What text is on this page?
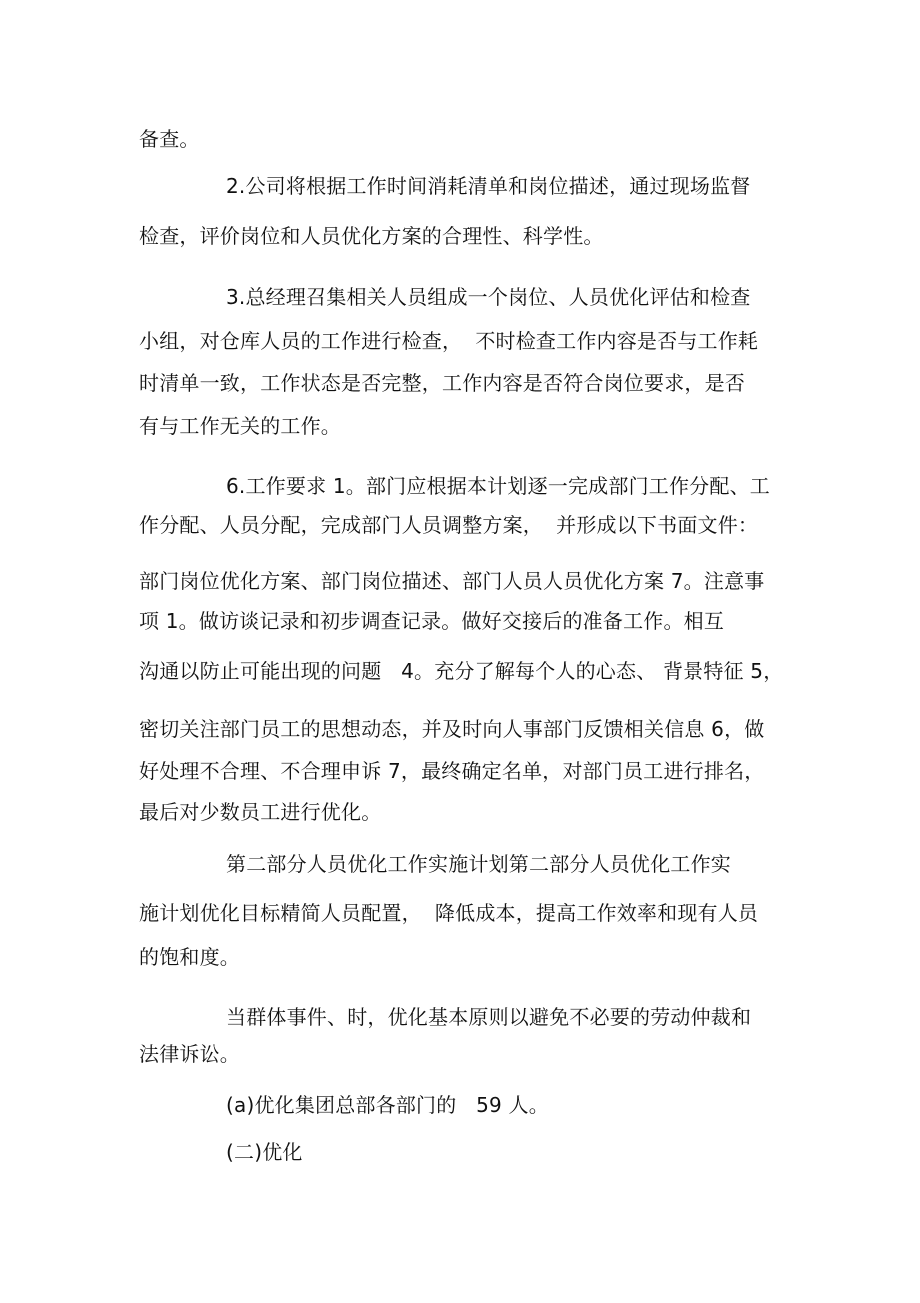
备查。
2.公司将根据工作时间消耗清单和岗位描述，通过现场监督
检查，评价岗位和人员优化方案的合理性、科学性。
3.总经理召集相关人员组成一个岗位、人员优化评估和检查
小组，对仓库人员的工作进行检查，  不时检查工作内容是否与工作耗
时清单一致，工作状态是否完整，工作内容是否符合岗位要求，是否
有与工作无关的工作。
6.工作要求 1。部门应根据本计划逐一完成部门工作分配、工
作分配、人员分配，完成部门人员调整方案，  并形成以下书面文件：
部门岗位优化方案、部门岗位描述、部门人员人员优化方案 7。注意事
项 1。做访谈记录和初步调查记录。做好交接后的准备工作。相互
沟通以防止可能出现的问题   4。充分了解每个人的心态、 背景特征 5，
密切关注部门员工的思想动态，并及时向人事部门反馈相关信息 6，做
好处理不合理、不合理申诉 7，最终确定名单，对部门员工进行排名，
最后对少数员工进行优化。
第二部分人员优化工作实施计划第二部分人员优化工作实
施计划优化目标精简人员配置，  降低成本，提高工作效率和现有人员
的饱和度。
当群体事件、时，优化基本原则以避免不必要的劳动仲裁和
法律诉讼。
(a)优化集团总部各部门的   59 人。
(二)优化
